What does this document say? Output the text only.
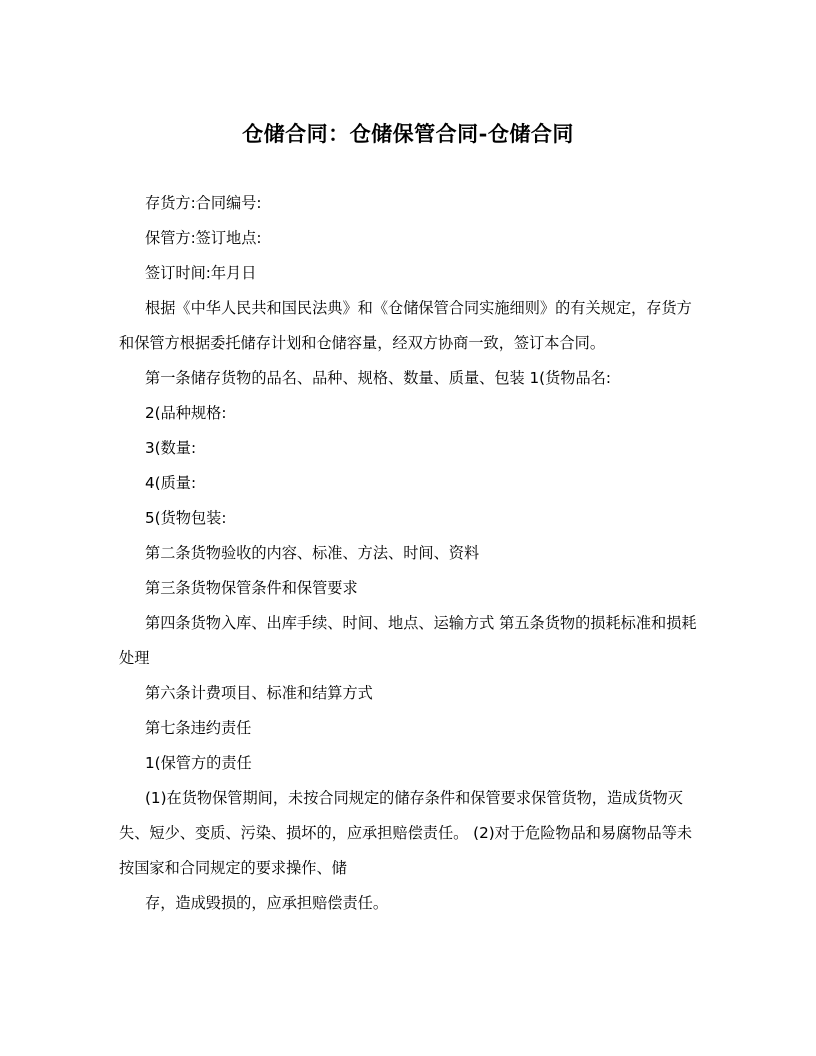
仓储合同：仓储保管合同-仓储合同

存货方:合同编号:

保管方:签订地点:

签订时间:年月日

根据《中华人民共和国民法典》和《仓储保管合同实施细则》的有关规定，存货方和保管方根据委托储存计划和仓储容量，经双方协商一致，签订本合同。

第一条储存货物的品名、品种、规格、数量、质量、包装 1(货物品名:

2(品种规格:

3(数量:

4(质量:

5(货物包装:

第二条货物验收的内容、标准、方法、时间、资料

第三条货物保管条件和保管要求

第四条货物入库、出库手续、时间、地点、运输方式 第五条货物的损耗标准和损耗处理

第六条计费项目、标准和结算方式

第七条违约责任

1(保管方的责任

(1)在货物保管期间，未按合同规定的储存条件和保管要求保管货物，造成货物灭失、短少、变质、污染、损坏的，应承担赔偿责任。 (2)对于危险物品和易腐物品等未按国家和合同规定的要求操作、储

存，造成毁损的，应承担赔偿责任。
